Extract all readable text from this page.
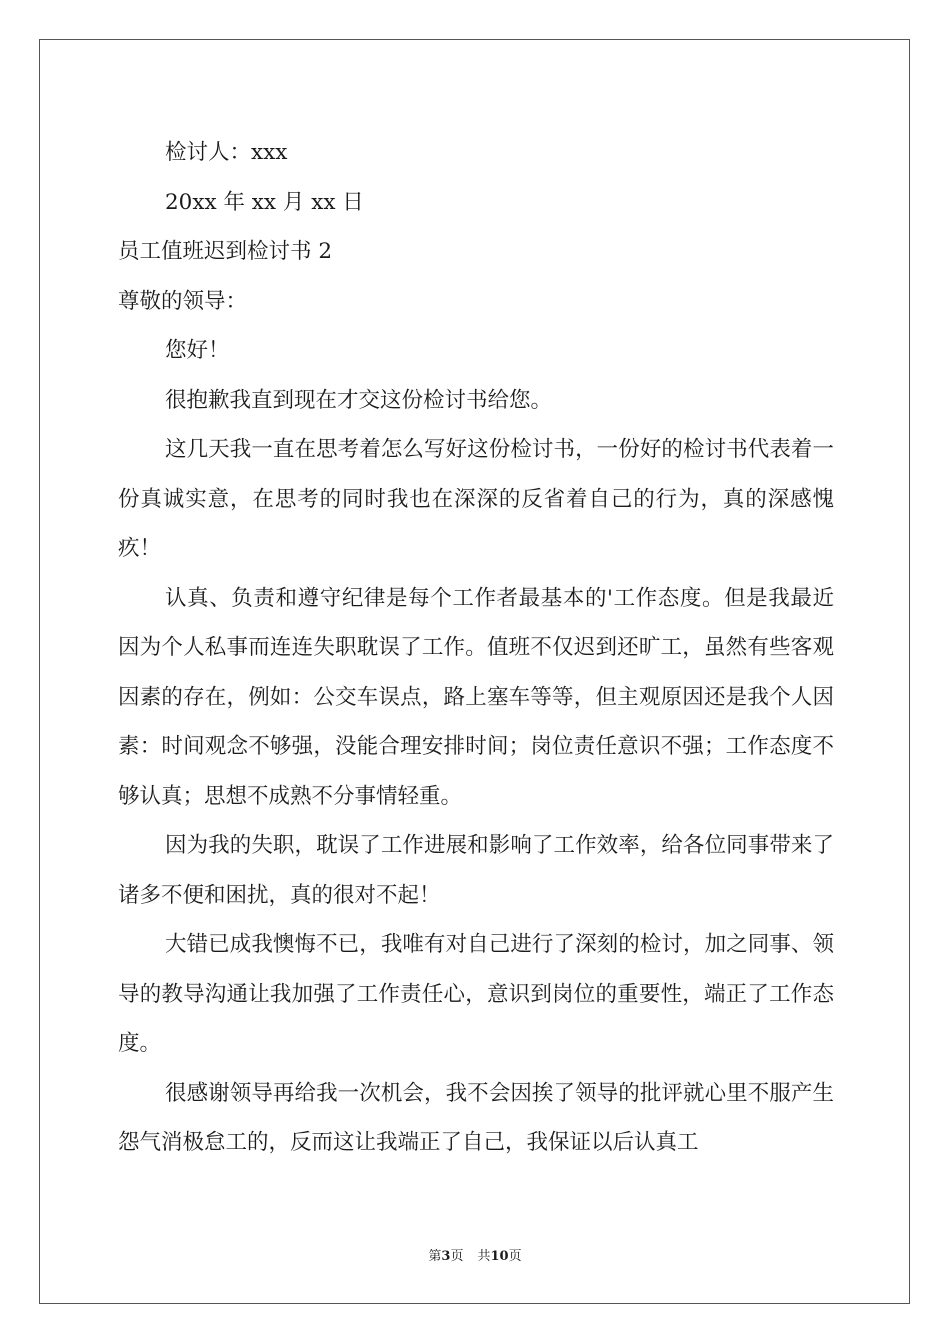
检讨人：xxx
20xx 年 xx 月 xx 日
员工值班迟到检讨书 2
尊敬的领导：
您好！
很抱歉我直到现在才交这份检讨书给您。
这几天我一直在思考着怎么写好这份检讨书，一份好的检讨书代表着一份真诚实意，在思考的同时我也在深深的反省着自己的行为，真的深感愧疚！
认真、负责和遵守纪律是每个工作者最基本的'工作态度。但是我最近因为个人私事而连连失职耽误了工作。值班不仅迟到还旷工，虽然有些客观因素的存在，例如：公交车误点，路上塞车等等，但主观原因还是我个人因素：时间观念不够强，没能合理安排时间；岗位责任意识不强；工作态度不够认真；思想不成熟不分事情轻重。
因为我的失职，耽误了工作进展和影响了工作效率，给各位同事带来了诸多不便和困扰，真的很对不起！
大错已成我懊悔不已，我唯有对自己进行了深刻的检讨，加之同事、领导的教导沟通让我加强了工作责任心，意识到岗位的重要性，端正了工作态度。
很感谢领导再给我一次机会，我不会因挨了领导的批评就心里不服产生怨气消极怠工的，反而这让我端正了自己，我保证以后认真工
第3页 共10页
